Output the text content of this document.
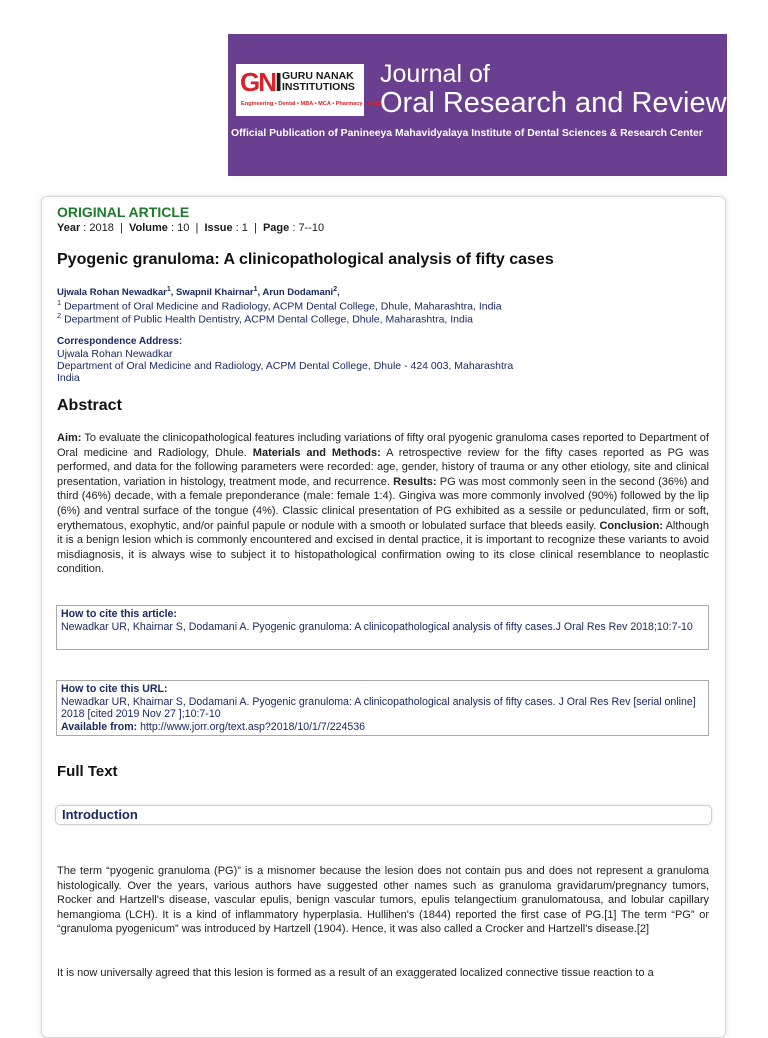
GNI GURU NANAK INSTITUTIONS
Engineering • Dental • MBA • MCA • Pharmacy • PGDM
Journal of
Oral Research and Review
Official Publication of Panineeya Mahavidyalaya Institute of Dental Sciences & Research Center
ORIGINAL ARTICLE
Year : 2018  |  Volume : 10  |  Issue : 1  |  Page : 7--10
Pyogenic granuloma: A clinicopathological analysis of fifty cases
Ujwala Rohan Newadkar$^1$, Swapnil Khairnar$^1$, Arun Dodamani$^2$,
$^1$ Department of Oral Medicine and Radiology, ACPM Dental College, Dhule, Maharashtra, India
$^2$ Department of Public Health Dentistry, ACPM Dental College, Dhule, Maharashtra, India
Correspondence Address:
Ujwala Rohan Newadkar
Department of Oral Medicine and Radiology, ACPM Dental College, Dhule - 424 003, Maharashtra
India
Abstract
Aim: To evaluate the clinicopathological features including variations of fifty oral pyogenic granuloma cases reported to Department of Oral medicine and Radiology, Dhule. Materials and Methods: A retrospective review for the fifty cases reported as PG was performed, and data for the following parameters were recorded: age, gender, history of trauma or any other etiology, site and clinical presentation, variation in histology, treatment mode, and recurrence. Results: PG was most commonly seen in the second (36%) and third (46%) decade, with a female preponderance (male: female 1:4). Gingiva was more commonly involved (90%) followed by the lip (6%) and ventral surface of the tongue (4%). Classic clinical presentation of PG exhibited as a sessile or pedunculated, firm or soft, erythematous, exophytic, and/or painful papule or nodule with a smooth or lobulated surface that bleeds easily. Conclusion: Although it is a benign lesion which is commonly encountered and excised in dental practice, it is important to recognize these variants to avoid misdiagnosis, it is always wise to subject it to histopathological confirmation owing to its close clinical resemblance to neoplastic condition.
How to cite this article:
Newadkar UR, Khairnar S, Dodamani A. Pyogenic granuloma: A clinicopathological analysis of fifty cases.J Oral Res Rev 2018;10:7-10
How to cite this URL:
Newadkar UR, Khairnar S, Dodamani A. Pyogenic granuloma: A clinicopathological analysis of fifty cases. J Oral Res Rev [serial online] 2018 [cited 2019 Nov 27 ];10:7-10
Available from: http://www.jorr.org/text.asp?2018/10/1/7/224536
Full Text
Introduction
The term “pyogenic granuloma (PG)” is a misnomer because the lesion does not contain pus and does not represent a granuloma histologically. Over the years, various authors have suggested other names such as granuloma gravidarum/pregnancy tumors, Rocker and Hartzell's disease, vascular epulis, benign vascular tumors, epulis telangectium granulomatousa, and lobular capillary hemangioma (LCH). It is a kind of inflammatory hyperplasia. Hullihen's (1844) reported the first case of PG.[1] The term “PG” or “granuloma pyogenicum” was introduced by Hartzell (1904). Hence, it was also called a Crocker and Hartzell's disease.[2]
It is now universally agreed that this lesion is formed as a result of an exaggerated localized connective tissue reaction to a
